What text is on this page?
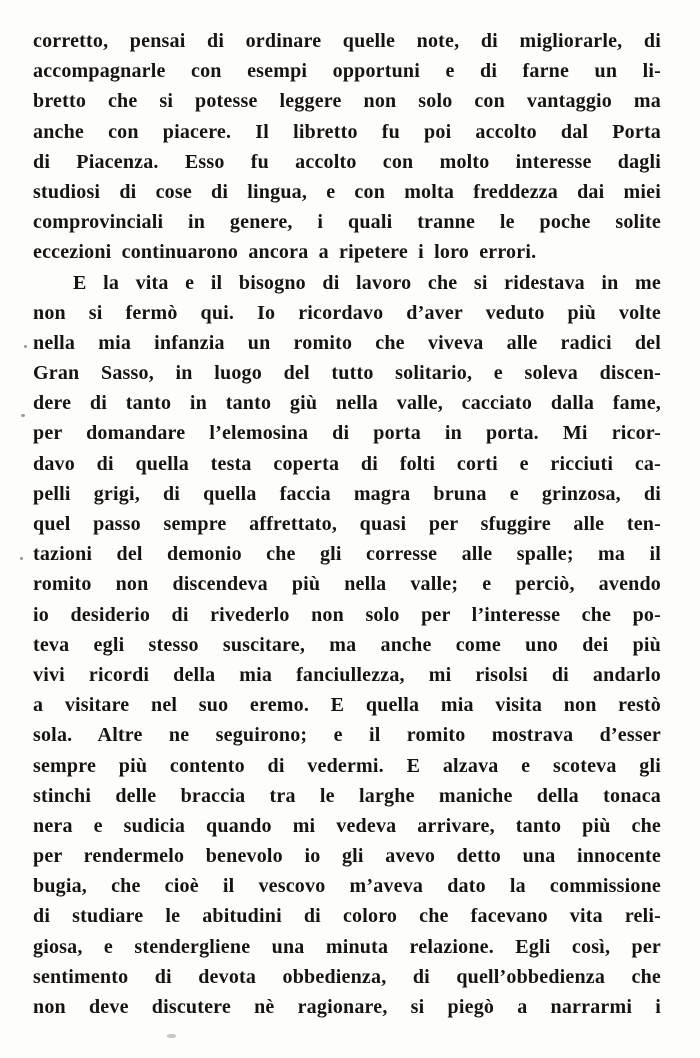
corretto, pensai di ordinare quelle note, di migliorarle, di
accompagnarle con esempi opportuni e di farne un li-
bretto che si potesse leggere non solo con vantaggio ma
anche con piacere. Il libretto fu poi accolto dal Porta
di Piacenza. Esso fu accolto con molto interesse dagli
studiosi di cose di lingua, e con molta freddezza dai miei
comprovinciali in genere, i quali tranne le poche solite
eccezioni continuarono ancora a ripetere i loro errori.
E la vita e il bisogno di lavoro che si ridestava in me
non si fermò qui. Io ricordavo d’aver veduto più volte
nella mia infanzia un romito che viveva alle radici del
Gran Sasso, in luogo del tutto solitario, e soleva discen-
dere di tanto in tanto giù nella valle, cacciato dalla fame,
per domandare l’elemosina di porta in porta. Mi ricor-
davo di quella testa coperta di folti corti e ricciuti ca-
pelli grigi, di quella faccia magra bruna e grinzosa, di
quel passo sempre affrettato, quasi per sfuggire alle ten-
tazioni del demonio che gli corresse alle spalle; ma il
romito non discendeva più nella valle; e perciò, avendo
io desiderio di rivederlo non solo per l’interesse che po-
teva egli stesso suscitare, ma anche come uno dei più
vivi ricordi della mia fanciullezza, mi risolsi di andarlo
a visitare nel suo eremo. E quella mia visita non restò
sola. Altre ne seguirono; e il romito mostrava d’esser
sempre più contento di vedermi. E alzava e scoteva gli
stinchi delle braccia tra le larghe maniche della tonaca
nera e sudicia quando mi vedeva arrivare, tanto più che
per rendermelo benevolo io gli avevo detto una innocente
bugia, che cioè il vescovo m’aveva dato la commissione
di studiare le abitudini di coloro che facevano vita reli-
giosa, e stendergliene una minuta relazione. Egli così, per
sentimento di devota obbedienza, di quell’obbedienza che
non deve discutere nè ragionare, si piegò a narrarmi i
